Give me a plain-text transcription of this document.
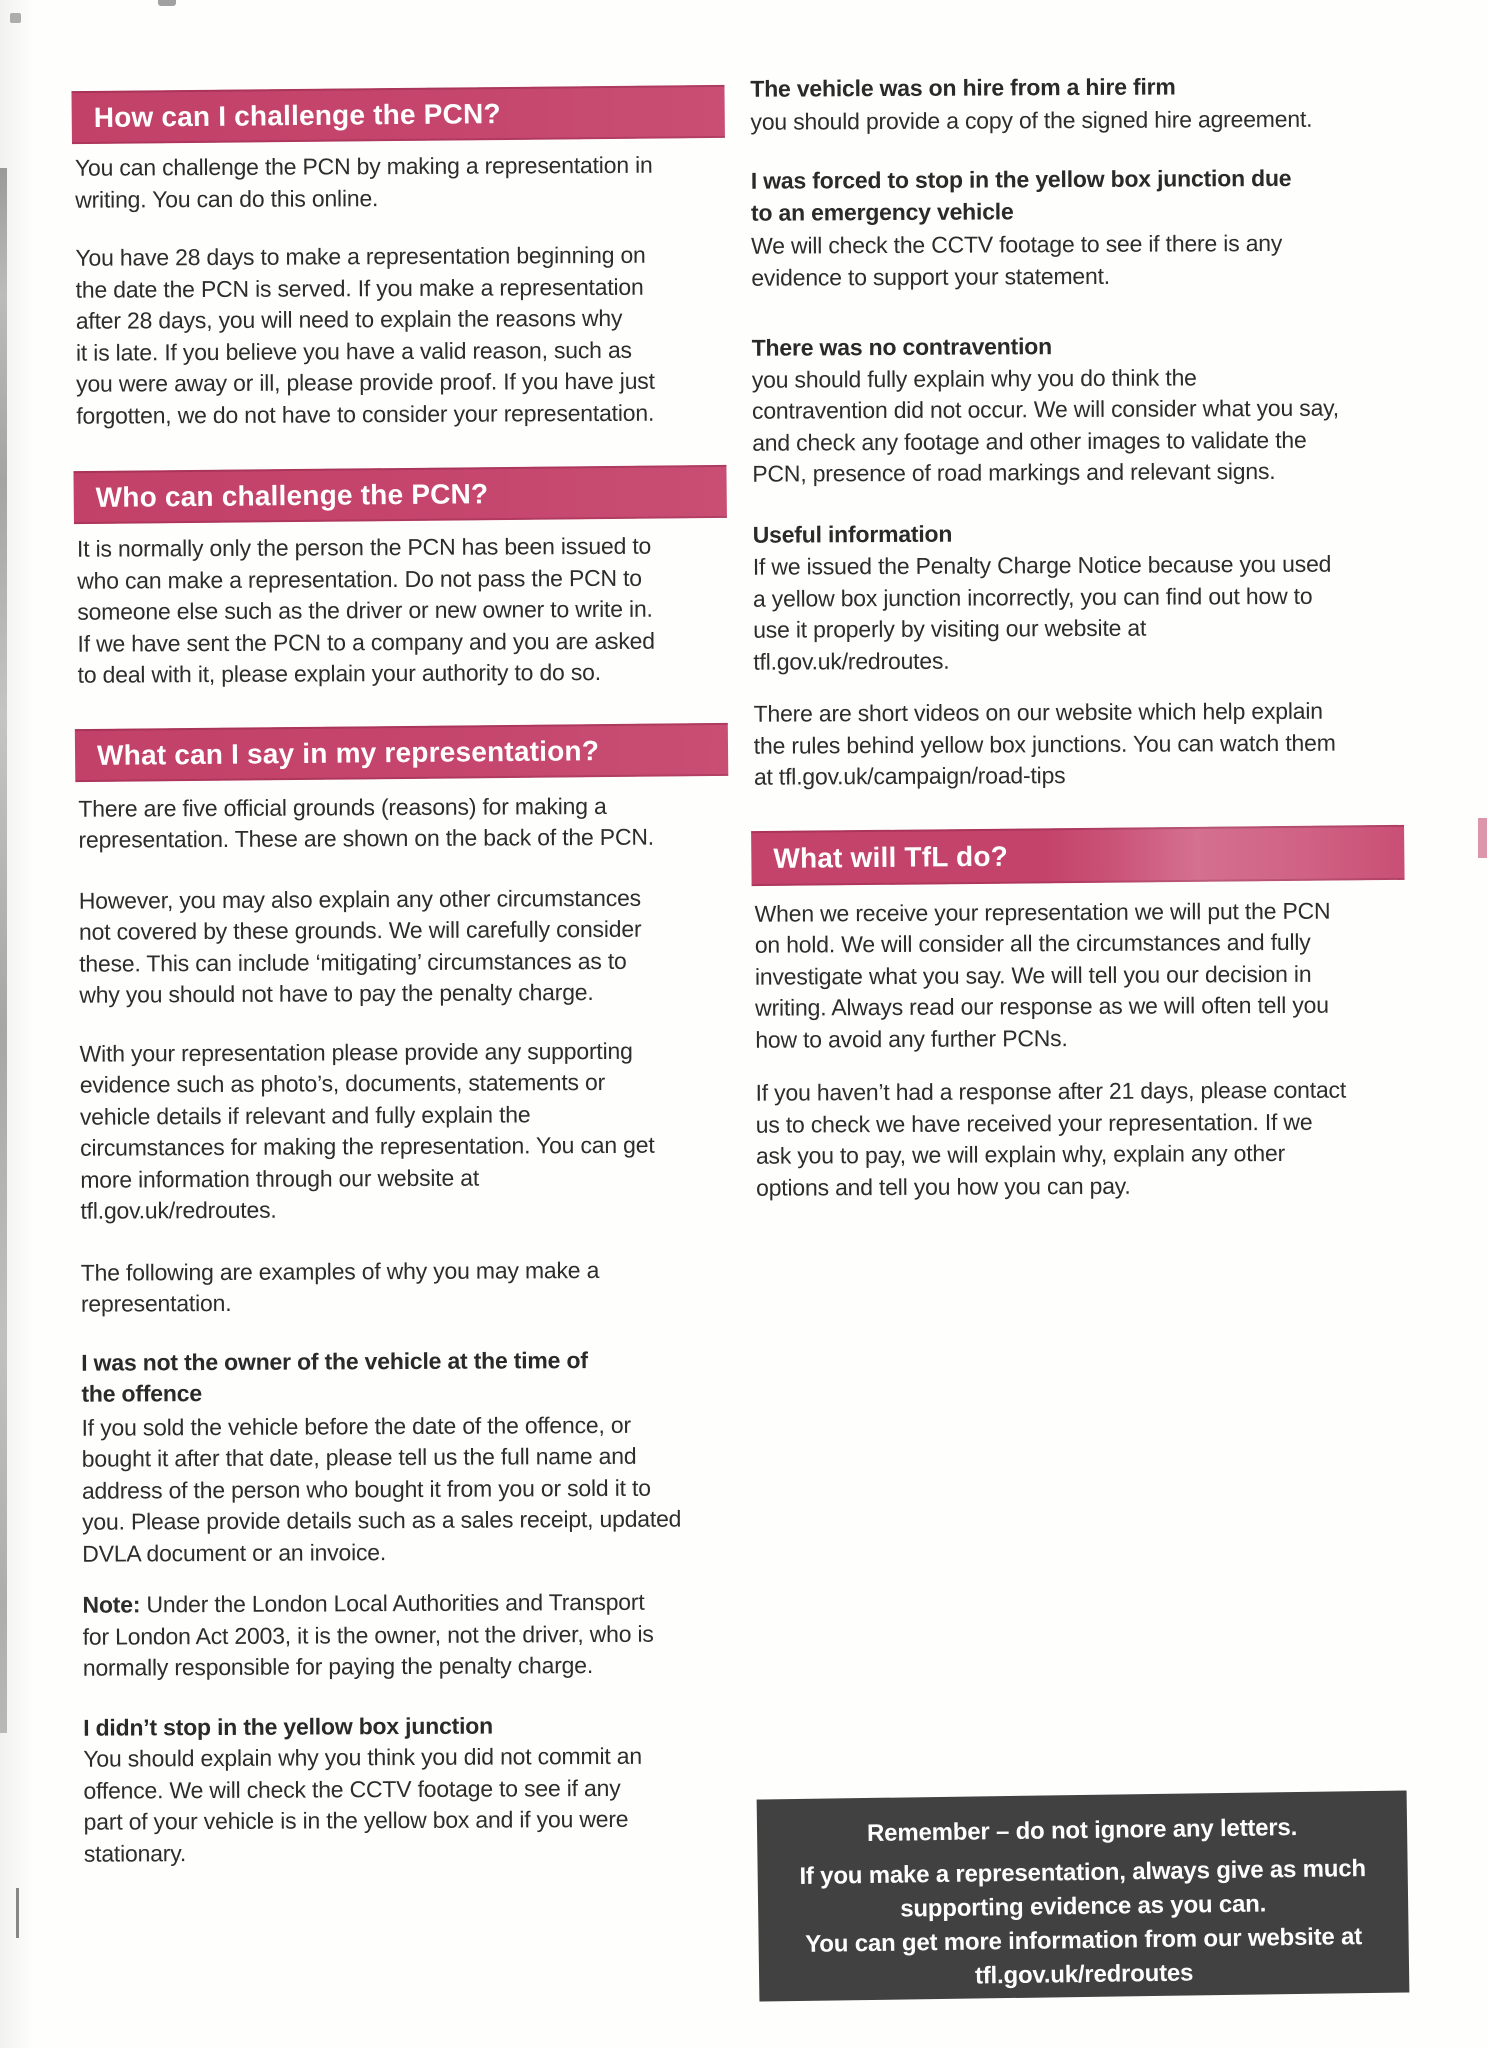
How can I challenge the PCN?

You can challenge the PCN by making a representation in
writing. You can do this online.

You have 28 days to make a representation beginning on
the date the PCN is served. If you make a representation
after 28 days, you will need to explain the reasons why
it is late. If you believe you have a valid reason, such as
you were away or ill, please provide proof. If you have just
forgotten, we do not have to consider your representation.

Who can challenge the PCN?

It is normally only the person the PCN has been issued to
who can make a representation. Do not pass the PCN to
someone else such as the driver or new owner to write in.
If we have sent the PCN to a company and you are asked
to deal with it, please explain your authority to do so.

What can I say in my representation?

There are five official grounds (reasons) for making a
representation. These are shown on the back of the PCN.

However, you may also explain any other circumstances
not covered by these grounds. We will carefully consider
these. This can include ‘mitigating’ circumstances as to
why you should not have to pay the penalty charge.

With your representation please provide any supporting
evidence such as photo’s, documents, statements or
vehicle details if relevant and fully explain the
circumstances for making the representation. You can get
more information through our website at
tfl.gov.uk/redroutes.

The following are examples of why you may make a
representation.

I was not the owner of the vehicle at the time of
the offence

If you sold the vehicle before the date of the offence, or
bought it after that date, please tell us the full name and
address of the person who bought it from you or sold it to
you. Please provide details such as a sales receipt, updated
DVLA document or an invoice.

Note: Under the London Local Authorities and Transport
for London Act 2003, it is the owner, not the driver, who is
normally responsible for paying the penalty charge.

I didn’t stop in the yellow box junction

You should explain why you think you did not commit an
offence. We will check the CCTV footage to see if any
part of your vehicle is in the yellow box and if you were
stationary.

The vehicle was on hire from a hire firm

you should provide a copy of the signed hire agreement.

I was forced to stop in the yellow box junction due
to an emergency vehicle

We will check the CCTV footage to see if there is any
evidence to support your statement.

There was no contravention

you should fully explain why you do think the
contravention did not occur. We will consider what you say,
and check any footage and other images to validate the
PCN, presence of road markings and relevant signs.

Useful information

If we issued the Penalty Charge Notice because you used
a yellow box junction incorrectly, you can find out how to
use it properly by visiting our website at
tfl.gov.uk/redroutes.

There are short videos on our website which help explain
the rules behind yellow box junctions. You can watch them
at tfl.gov.uk/campaign/road-tips

What will TfL do?

When we receive your representation we will put the PCN
on hold. We will consider all the circumstances and fully
investigate what you say. We will tell you our decision in
writing. Always read our response as we will often tell you
how to avoid any further PCNs.

If you haven’t had a response after 21 days, please contact
us to check we have received your representation. If we
ask you to pay, we will explain why, explain any other
options and tell you how you can pay.

Remember – do not ignore any letters.
If you make a representation, always give as much
supporting evidence as you can.
You can get more information from our website at
tfl.gov.uk/redroutes
